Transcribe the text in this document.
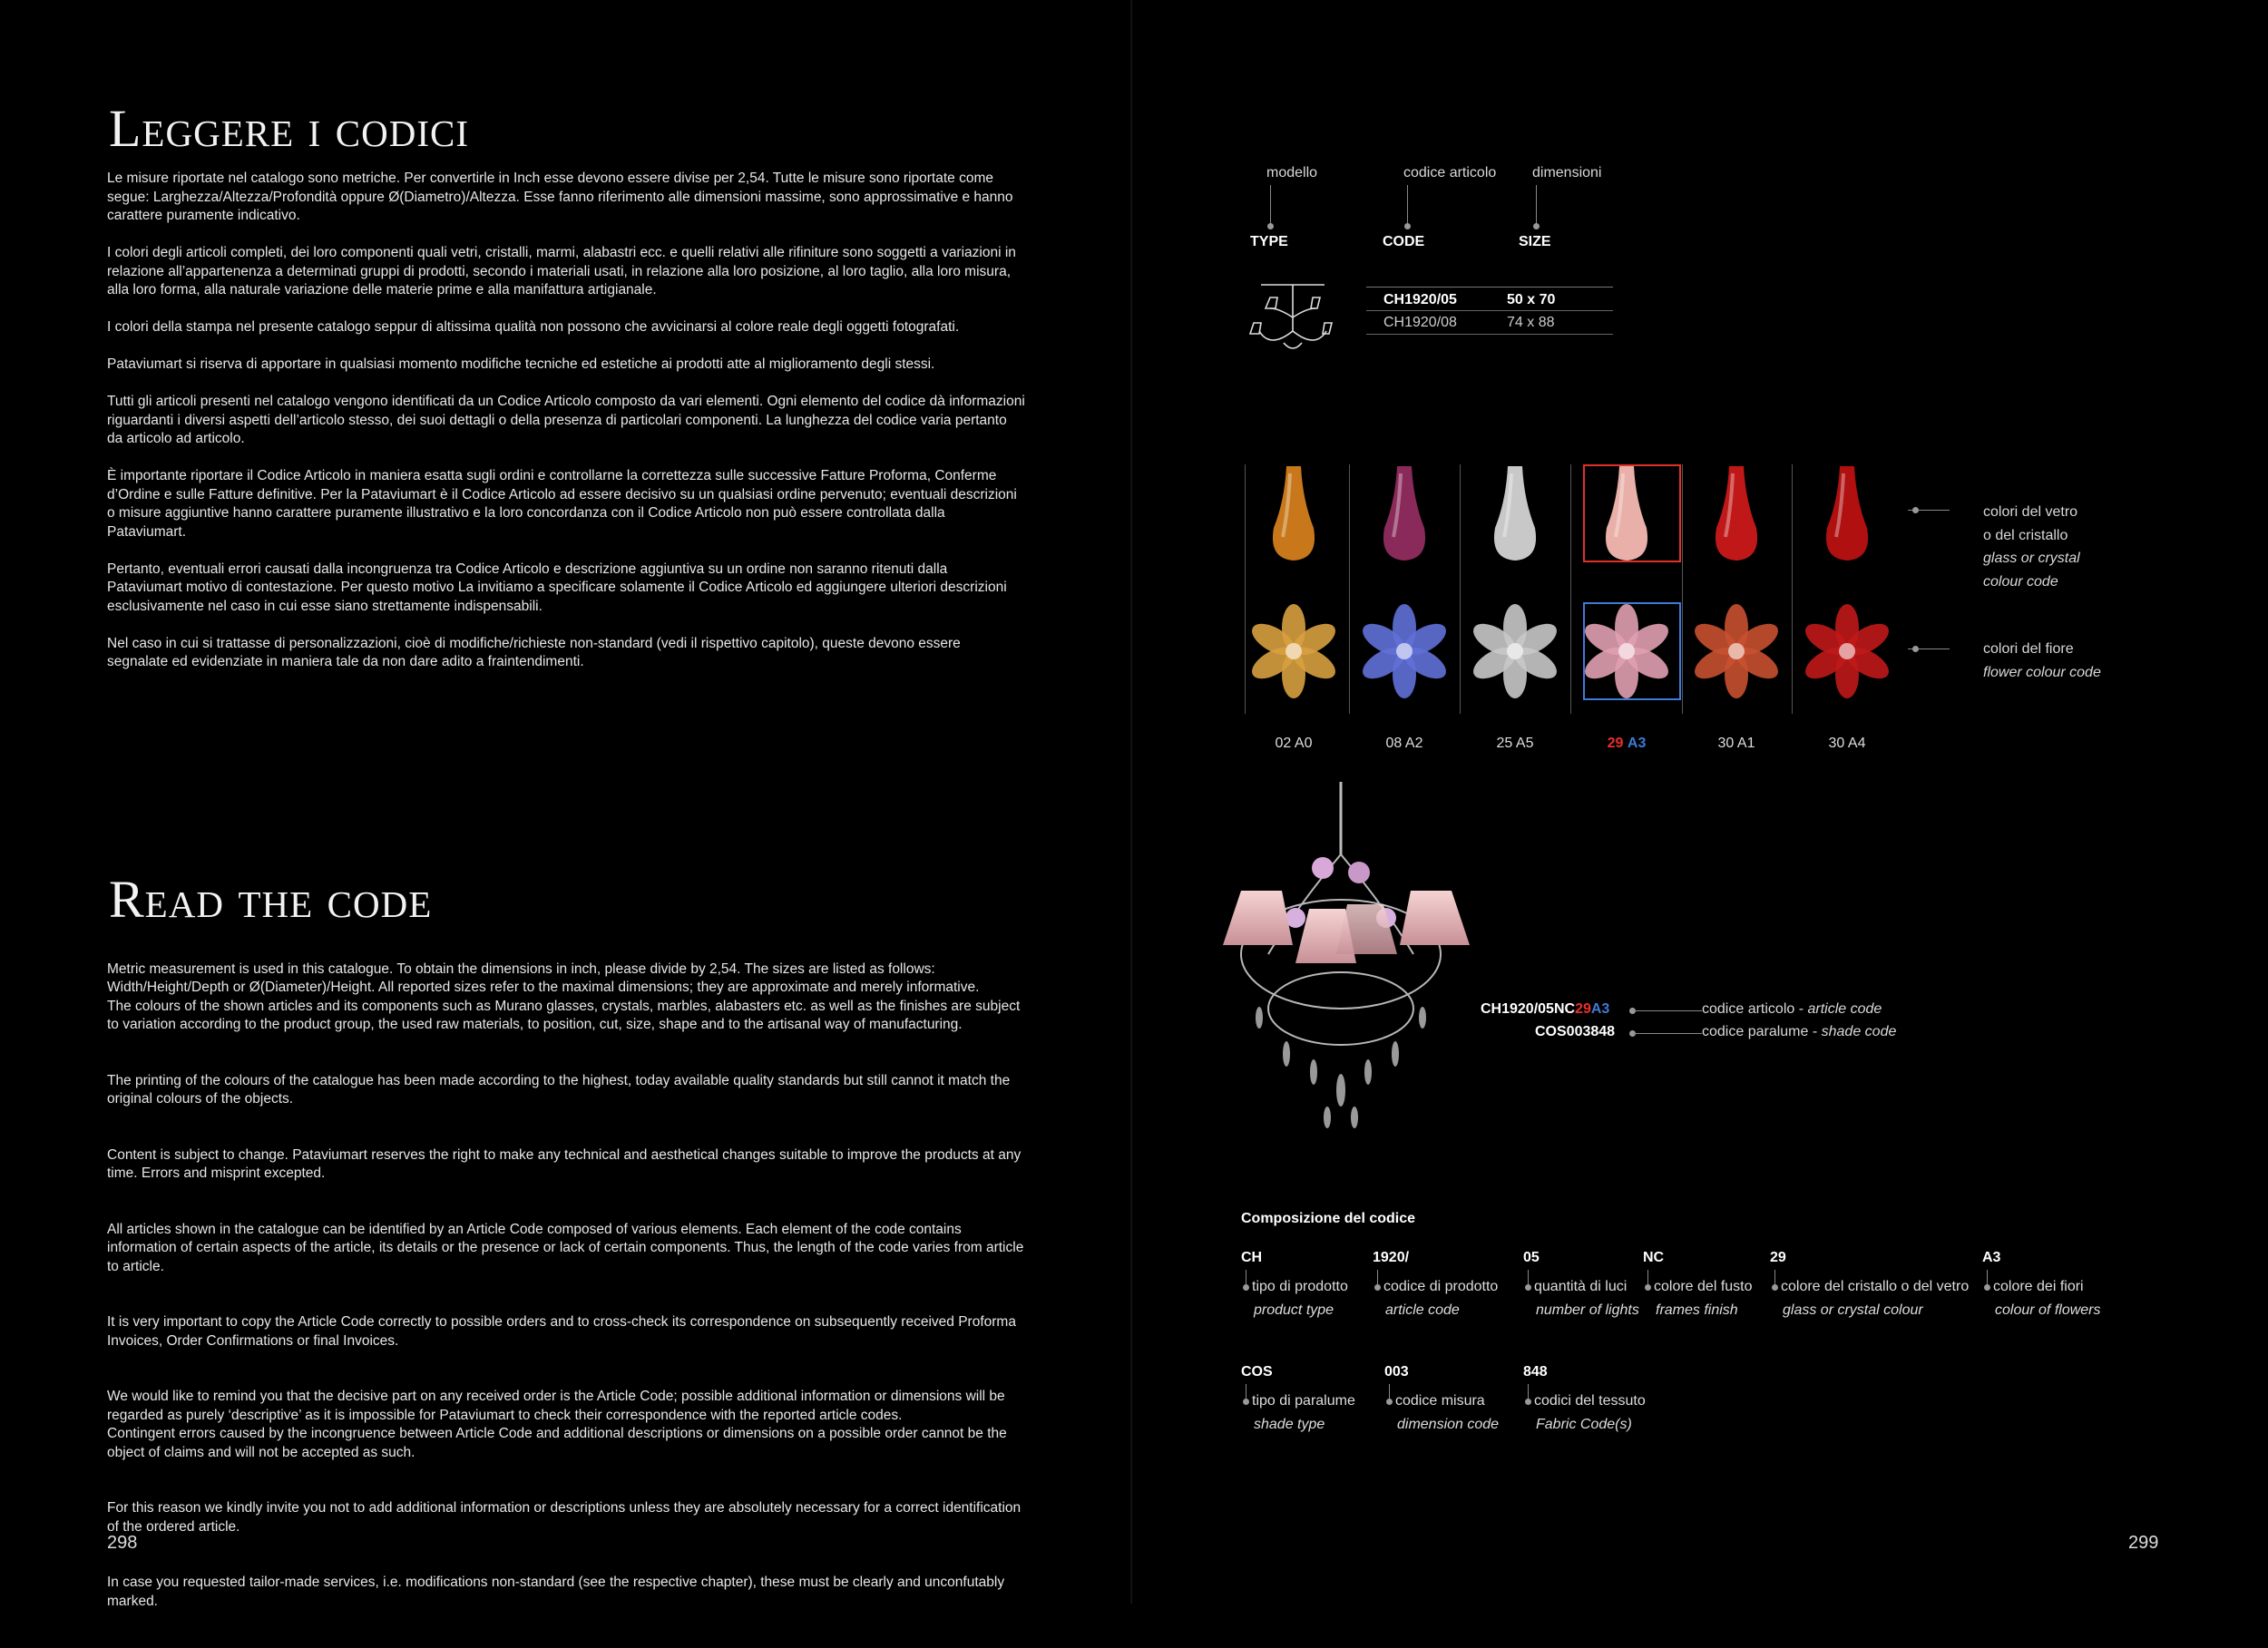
Leggere i codici

Le misure riportate nel catalogo sono metriche. Per convertirle in Inch esse devono essere divise per 2,54. Tutte le misure sono riportate come segue: Larghezza/Altezza/Profondità oppure Ø(Diametro)/Altezza. Esse fanno riferimento alle dimensioni massime, sono approssimative e hanno carattere puramente indicativo.

I colori degli articoli completi, dei loro componenti quali vetri, cristalli, marmi, alabastri ecc. e quelli relativi alle rifiniture sono soggetti a variazioni in relazione all’appartenenza a determinati gruppi di prodotti, secondo i materiali usati, in relazione alla loro posizione, al loro taglio, alla loro misura, alla loro forma, alla naturale variazione delle materie prime e alla manifattura artigianale.

I colori della stampa nel presente catalogo seppur di altissima qualità non possono che avvicinarsi al colore reale degli oggetti fotografati.

Pataviumart si riserva di apportare in qualsiasi momento modifiche tecniche ed estetiche ai prodotti atte al miglioramento degli stessi.

Tutti gli articoli presenti nel catalogo vengono identificati da un Codice Articolo composto da vari elementi. Ogni elemento del codice dà informazioni riguardanti i diversi aspetti dell’articolo stesso, dei suoi dettagli o della presenza di particolari componenti. La lunghezza del codice varia pertanto da articolo ad articolo.

È importante riportare il Codice Articolo in maniera esatta sugli ordini e controllarne la correttezza sulle successive Fatture Proforma, Conferme d’Ordine e sulle Fatture definitive. Per la Pataviumart è il Codice Articolo ad essere decisivo su un qualsiasi ordine pervenuto; eventuali descrizioni o misure aggiuntive hanno carattere puramente illustrativo e la loro concordanza con il Codice Articolo non può essere controllata dalla Pataviumart.

Pertanto, eventuali errori causati dalla incongruenza tra Codice Articolo e descrizione aggiuntiva su un ordine non saranno ritenuti dalla Pataviumart motivo di contestazione. Per questo motivo La invitiamo a specificare solamente il Codice Articolo ed aggiungere ulteriori descrizioni esclusivamente nel caso in cui esse siano strettamente indispensabili.

Nel caso in cui si trattasse di personalizzazioni, cioè di modifiche/richieste non-standard (vedi il rispettivo capitolo), queste devono essere segnalate ed evidenziate in maniera tale da non dare adito a fraintendimenti.

Read the code

Metric measurement is used in this catalogue. To obtain the dimensions in inch, please divide by 2,54. The sizes are listed as follows: Width/Height/Depth or Ø(Diameter)/Height. All reported sizes refer to the maximal dimensions; they are approximate and merely informative.
The colours of the shown articles and its components such as Murano glasses, crystals, marbles, alabasters etc. as well as the finishes are subject to variation according to the product group, the used raw materials, to position, cut, size, shape and to the artisanal way of manufacturing.

The printing of the colours of the catalogue has been made according to the highest, today available quality standards but still cannot it match the original colours of the objects.

Content is subject to change. Pataviumart reserves the right to make any technical and aesthetical changes suitable to improve the products at any time. Errors and misprint excepted.

All articles shown in the catalogue can be identified by an Article Code composed of various elements. Each element of the code contains information of certain aspects of the article, its details or the presence or lack of certain components. Thus, the length of the code varies from article to article.

It is very important to copy the Article Code correctly to possible orders and to cross-check its correspondence on subsequently received Proforma Invoices, Order Confirmations or final Invoices.

We would like to remind you that the decisive part on any received order is the Article Code; possible additional information or dimensions will be regarded as purely ‘descriptive’ as it is impossible for Pataviumart to check their correspondence with the reported article codes.
Contingent errors caused by the incongruence between Article Code and additional descriptions or dimensions on a possible order cannot be the object of claims and will not be accepted as such.

For this reason we kindly invite you not to add additional information or descriptions unless they are absolutely necessary for a correct identification of the ordered article.

In case you requested tailor-made services, i.e. modifications non-standard (see the respective chapter), these must be clearly and unconfutably marked.

298
modello	codice articolo dimensioni
TYPE	CODE	SIZE
CH1920/05	50 x 70
CH1920/08	74 x 88
02 A0	08 A2	25 A5	29 A3	30 A1	30 A4
colori del vetro
o del cristallo
glass or crystal
colour code
colori del fiore
flower colour code
CH1920/05NC29A3
COS003848
codice articolo - article code
codice paralume - shade code
Composizione del codice
CH
tipo di prodotto
product type
1920/
codice di prodotto
article code
05
quantità di luci
number of lights
NC
colore del fusto
frames finish
29
colore del cristallo o del vetro
glass or crystal colour
A3
colore dei fiori
colour of flowers
COS
tipo di paralume
shade type
003
codice misura
dimension code
848
codici del tessuto
Fabric Code(s)
299
